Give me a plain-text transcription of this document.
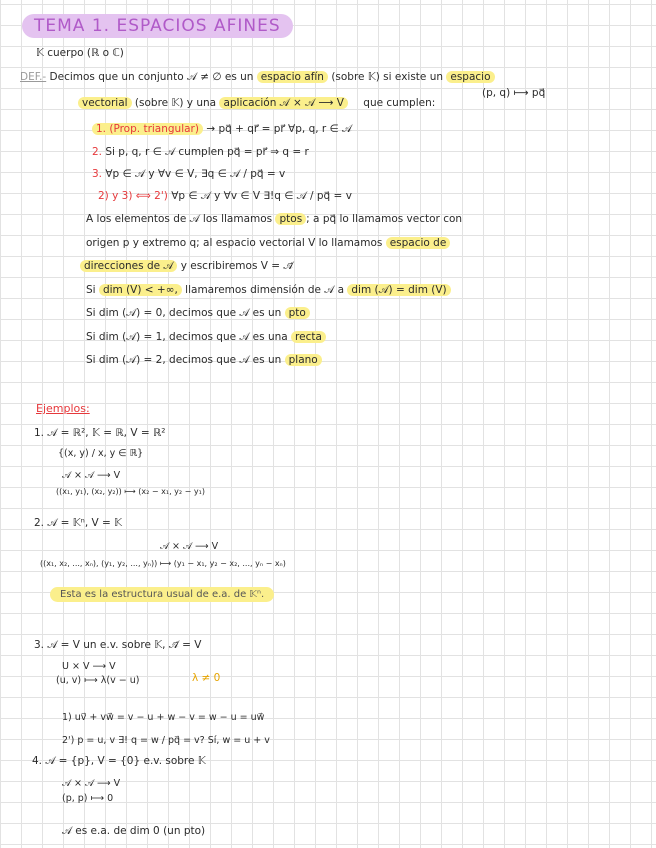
TEMA 1. ESPACIOS AFINES
𝕂 cuerpo (ℝ o ℂ)
DEF.- Decimos que un conjunto 𝒜 ≠ ∅ es un espacio afín (sobre 𝕂) si existe un espacio
(p, q) ⟼ pq⃗
vectorial (sobre 𝕂) y una aplicación 𝒜 × 𝒜 ⟶ V que cumplen:
1. (Prop. triangular) → pq⃗ + qr⃗ = pr⃗ ∀p, q, r ∈ 𝒜
2. Si p, q, r ∈ 𝒜 cumplen pq⃗ = pr⃗ ⇒ q = r
3. ∀p ∈ 𝒜 y ∀v ∈ V, ∃q ∈ 𝒜 / pq⃗ = v
2) y 3) ⟺ 2') ∀p ∈ 𝒜 y ∀v ∈ V ∃!q ∈ 𝒜 / pq⃗ = v
A los elementos de 𝒜 los llamamos ptos ; a pq⃗ lo llamamos vector con
origen p y extremo q; al espacio vectorial V lo llamamos espacio de
direcciones de 𝒜 y escribiremos V = 𝒜⃗
Si dim (V) < +∞, llamaremos dimensión de 𝒜 a dim (𝒜) = dim (V)
Si dim (𝒜) = 0, decimos que 𝒜 es un pto
Si dim (𝒜) = 1, decimos que 𝒜 es una recta
Si dim (𝒜) = 2, decimos que 𝒜 es un plano
Ejemplos:
1. 𝒜 = ℝ², 𝕂 = ℝ, V = ℝ²
{(x, y) / x, y ∈ ℝ}
𝒜 × 𝒜 ⟶ V
((x₁, y₁), (x₂, y₂)) ⟼ (x₂ − x₁, y₂ − y₁)
2. 𝒜 = 𝕂ⁿ, V = 𝕂
𝒜 × 𝒜 ⟶ V
((x₁, x₂, ..., xₙ), (y₁, y₂, ..., yₙ)) ⟼ (y₁ − x₁, y₂ − x₂, ..., yₙ − xₙ)
Esta es la estructura usual de e.a. de 𝕂ⁿ.
3. 𝒜 = V un e.v. sobre 𝕂, 𝒜⃗ = V
U × V ⟶ V
(u, v) ⟼ λ(v − u)	λ ≠ 0
1) uv⃗ + vw⃗ = v − u + w − v = w − u = uw⃗
2') p = u, v ∃! q = w / pq⃗ = v? Sí, w = u + v
4. 𝒜 = {p}, V = {0} e.v. sobre 𝕂
𝒜 × 𝒜 ⟶ V
(p, p) ⟼ 0
𝒜 es e.a. de dim 0 (un pto)
